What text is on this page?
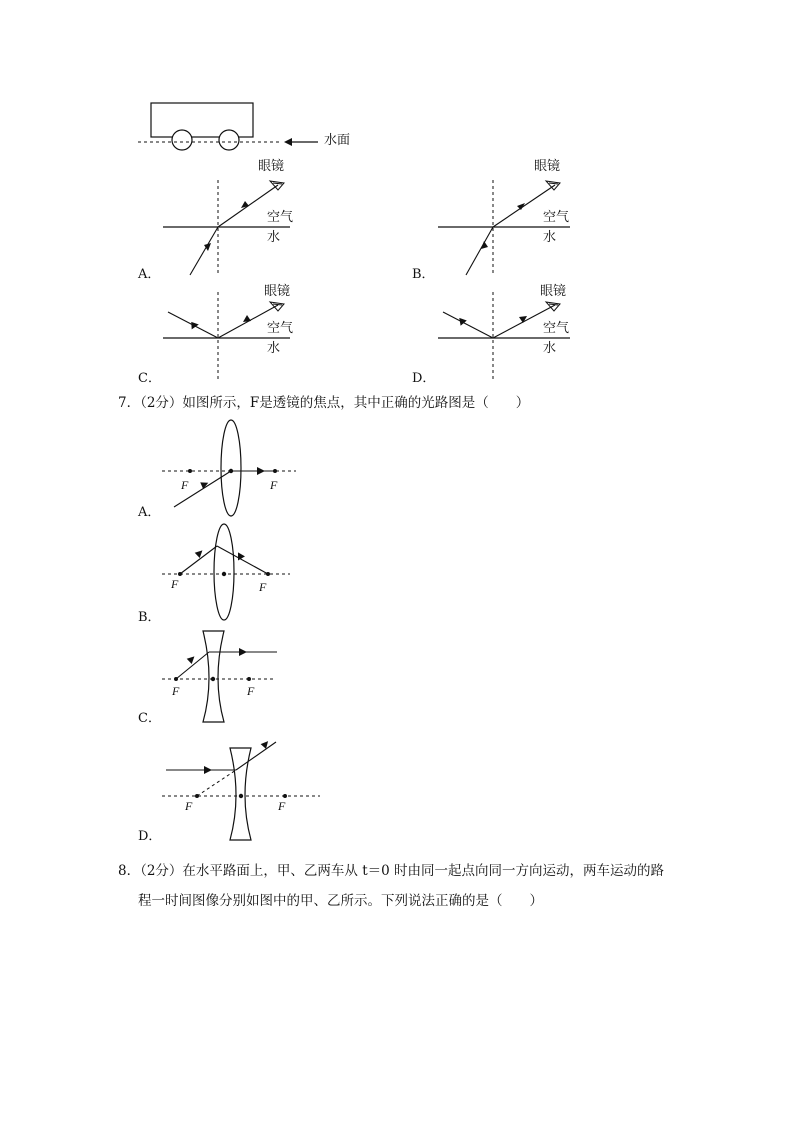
水面
眼镜
空气
水
A．
眼镜
空气
水
B．
眼镜
空气
水
C．
眼镜
空气
水
D．
7．（2分）如图所示，F是透镜的焦点，其中正确的光路图是（　　）
F	F
A．
F	F
B．
F	F
C．
F	F
D．
8．（2分）在水平路面上，甲、乙两车从 t＝0 时由同一起点向同一方向运动，两车运动的路
程一时间图像分别如图中的甲、乙所示。下列说法正确的是（　　）
